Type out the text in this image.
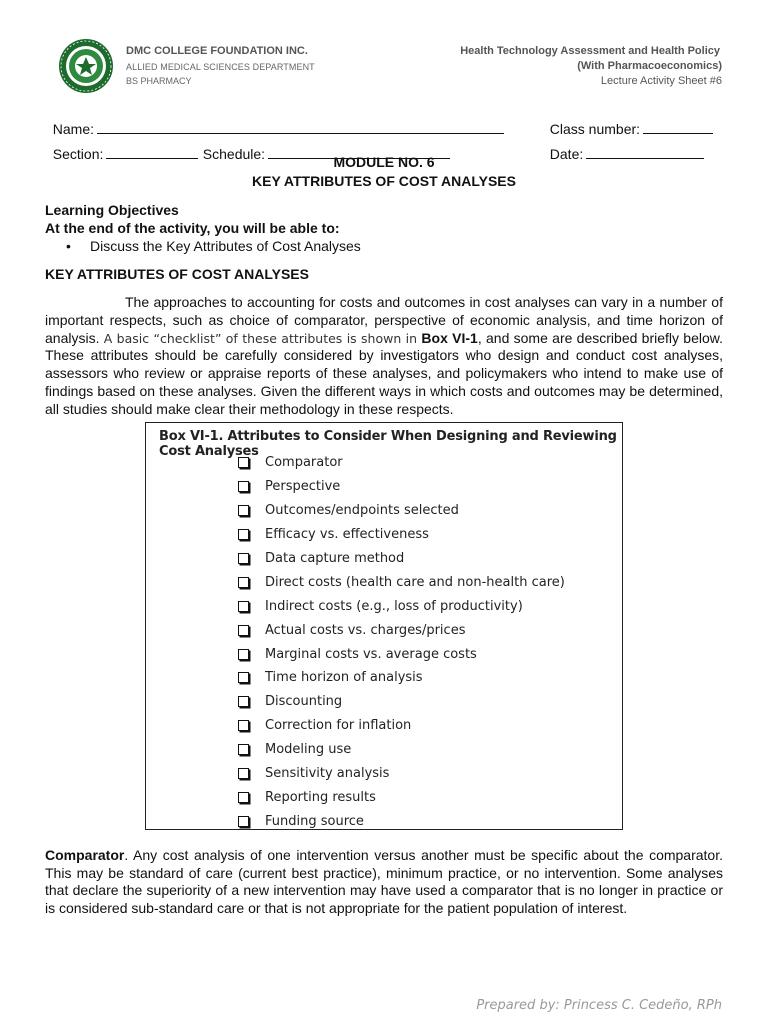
DMC COLLEGE FOUNDATION INC.
ALLIED MEDICAL SCIENCES DEPARTMENT
BS PHARMACY
Health Technology Assessment and Health Policy
(With Pharmacoeconomics)
Lecture Activity Sheet #6

Name:	Class number:

Section:	Schedule:	Date:

MODULE NO. 6
KEY ATTRIBUTES OF COST ANALYSES
Learning Objectives
At the end of the activity, you will be able to:
• Discuss the Key Attributes of Cost Analyses
KEY ATTRIBUTES OF COST ANALYSES
The approaches to accounting for costs and outcomes in cost analyses can vary in a number of important respects, such as choice of comparator, perspective of economic analysis, and time horizon of analysis. A basic “checklist” of these attributes is shown in Box VI-1, and some are described briefly below. These attributes should be carefully considered by investigators who design and conduct cost analyses, assessors who review or appraise reports of these analyses, and policymakers who intend to make use of findings based on these analyses. Given the different ways in which costs and outcomes may be determined, all studies should make clear their methodology in these respects.
Box VI-1. Attributes to Consider When Designing and Reviewing Cost Analyses
Comparator
Perspective
Outcomes/endpoints selected
Efficacy vs. effectiveness
Data capture method
Direct costs (health care and non-health care)
Indirect costs (e.g., loss of productivity)
Actual costs vs. charges/prices
Marginal costs vs. average costs
Time horizon of analysis
Discounting
Correction for inflation
Modeling use
Sensitivity analysis
Reporting results
Funding source
Comparator. Any cost analysis of one intervention versus another must be specific about the comparator. This may be standard of care (current best practice), minimum practice, or no intervention. Some analyses that declare the superiority of a new intervention may have used a comparator that is no longer in practice or is considered sub-standard care or that is not appropriate for the patient population of interest.
Prepared by: Princess C. Cedeño, RPh
